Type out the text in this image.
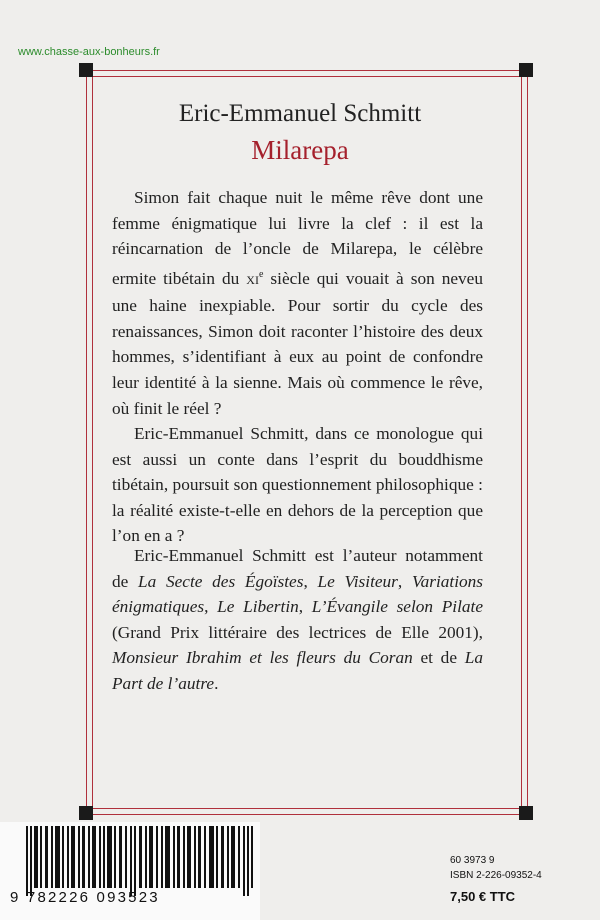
www.chasse-aux-bonheurs.fr
Eric-Emmanuel Schmitt
Milarepa

Simon fait chaque nuit le même rêve dont une femme énigmatique lui livre la clef : il est la réincarnation de l’oncle de Milarepa, le célèbre ermite tibétain du XIe siècle qui vouait à son neveu une haine inexpiable. Pour sortir du cycle des renaissances, Simon doit raconter l’histoire des deux hommes, s’identifiant à eux au point de confondre leur identité à la sienne. Mais où commence le rêve, où finit le réel ?

Eric-Emmanuel Schmitt, dans ce monologue qui est aussi un conte dans l’esprit du bouddhisme tibétain, poursuit son questionnement philosophique : la réalité existe-t-elle en dehors de la perception que l’on en a ?

Eric-Emmanuel Schmitt est l’auteur notamment de La Secte des Égoïstes, Le Visiteur, Variations énigmatiques, Le Libertin, L’Évangile selon Pilate (Grand Prix littéraire des lectrices de Elle 2001), Monsieur Ibrahim et les fleurs du Coran et de La Part de l’autre.

9 782226 093523
60 3973 9
ISBN 2-226-09352-4
7,50 € TTC
